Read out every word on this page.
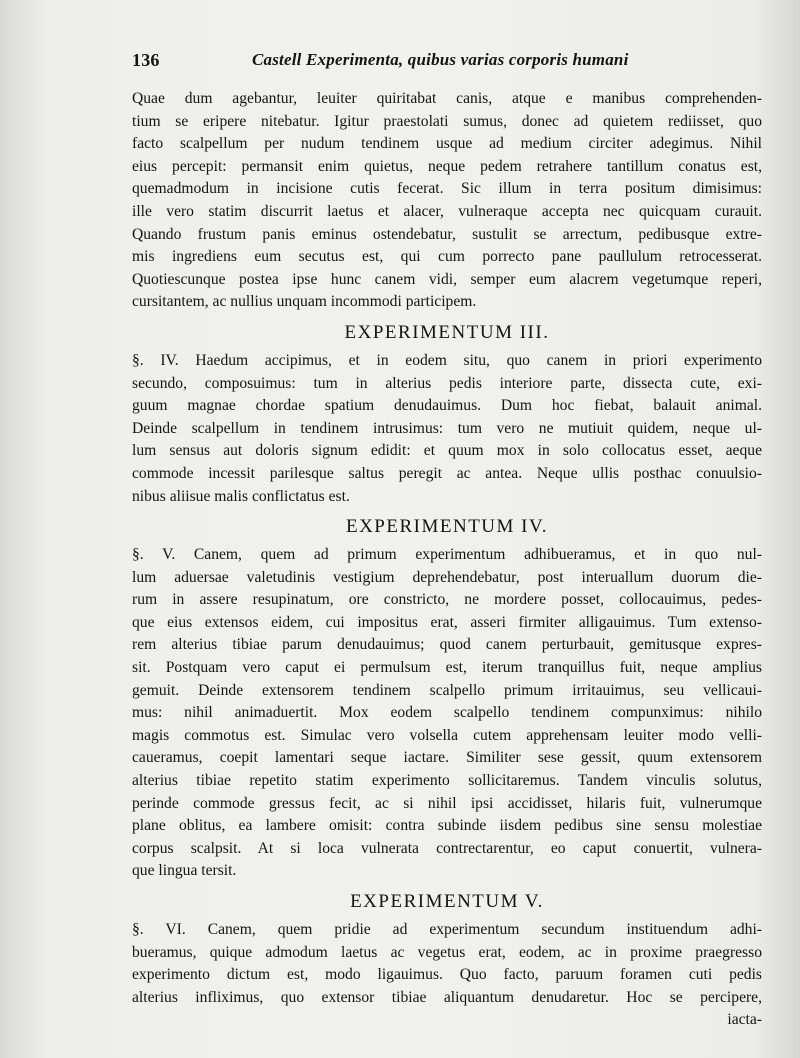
136	Castell Experimenta, quibus varias corporis humani
Quae dum agebantur, leuiter quiritabat canis, atque e manibus comprehenden-
tium se eripere nitebatur. Igitur praestolati sumus, donec ad quietem rediisset, quo
facto scalpellum per nudum tendinem usque ad medium circiter adegimus. Nihil
eius percepit: permansit enim quietus, neque pedem retrahere tantillum conatus est,
quemadmodum in incisione cutis fecerat. Sic illum in terra positum dimisimus:
ille vero statim discurrit laetus et alacer, vulneraque accepta nec quicquam curauit.
Quando frustum panis eminus ostendebatur, sustulit se arrectum, pedibusque extre-
mis ingrediens eum secutus est, qui cum porrecto pane paullulum retrocesserat.
Quotiescunque postea ipse hunc canem vidi, semper eum alacrem vegetumque reperi,
cursitantem, ac nullius unquam incommodi participem.
EXPERIMENTUM III.
§. IV. Haedum accipimus, et in eodem situ, quo canem in priori experimento
secundo, composuimus: tum in alterius pedis interiore parte, dissecta cute, exi-
guum magnae chordae spatium denudauimus. Dum hoc fiebat, balauit animal.
Deinde scalpellum in tendinem intrusimus: tum vero ne mutiuit quidem, neque ul-
lum sensus aut doloris signum edidit: et quum mox in solo collocatus esset, aeque
commode incessit parilesque saltus peregit ac antea. Neque ullis posthac conuulsio-
nibus aliisue malis conflictatus est.
EXPERIMENTUM IV.
§. V. Canem, quem ad primum experimentum adhibueramus, et in quo nul-
lum aduersae valetudinis vestigium deprehendebatur, post interuallum duorum die-
rum in assere resupinatum, ore constricto, ne mordere posset, collocauimus, pedes-
que eius extensos eidem, cui impositus erat, asseri firmiter alligauimus. Tum extenso-
rem alterius tibiae parum denudauimus; quod canem perturbauit, gemitusque expres-
sit. Postquam vero caput ei permulsum est, iterum tranquillus fuit, neque amplius
gemuit. Deinde extensorem tendinem scalpello primum irritauimus, seu vellicaui-
mus: nihil animaduertit. Mox eodem scalpello tendinem compunximus: nihilo
magis commotus est. Simulac vero volsella cutem apprehensam leuiter modo velli-
caueramus, coepit lamentari seque iactare. Similiter sese gessit, quum extensorem
alterius tibiae repetito statim experimento sollicitaremus. Tandem vinculis solutus,
perinde commode gressus fecit, ac si nihil ipsi accidisset, hilaris fuit, vulnerumque
plane oblitus, ea lambere omisit: contra subinde iisdem pedibus sine sensu molestiae
corpus scalpsit. At si loca vulnerata contrectarentur, eo caput conuertit, vulnera-
que lingua tersit.
EXPERIMENTUM V.
§. VI. Canem, quem pridie ad experimentum secundum instituendum adhi-
bueramus, quique admodum laetus ac vegetus erat, eodem, ac in proxime praegresso
experimento dictum est, modo ligauimus. Quo facto, paruum foramen cuti pedis
alterius infliximus, quo extensor tibiae aliquantum denudaretur. Hoc se percipere,
iacta-
